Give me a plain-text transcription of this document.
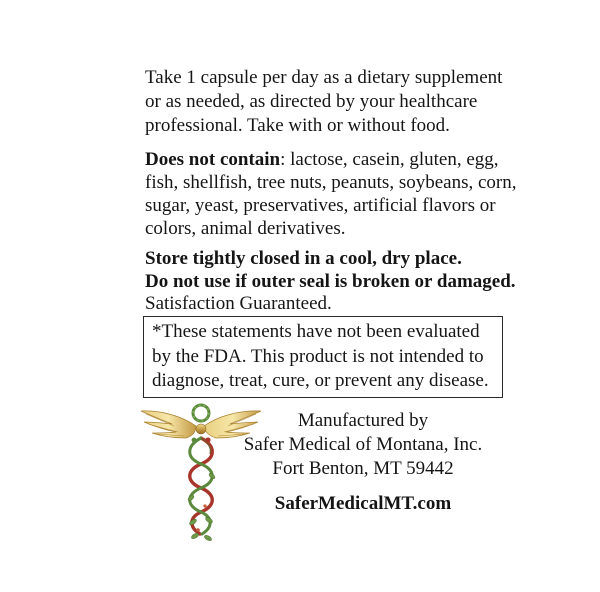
Take 1 capsule per day as a dietary supplement
or as needed, as directed by your healthcare
professional. Take with or without food.
Does not contain: lactose, casein, gluten, egg,
fish, shellfish, tree nuts, peanuts, soybeans, corn,
sugar, yeast, preservatives, artificial flavors or
colors, animal derivatives.
Store tightly closed in a cool, dry place.
Do not use if outer seal is broken or damaged.
Satisfaction Guaranteed.
*These statements have not been evaluated
by the FDA. This product is not intended to
diagnose, treat, cure, or prevent any disease.
Manufactured by
Safer Medical of Montana, Inc.
Fort Benton, MT 59442
SaferMedicalMT.com
